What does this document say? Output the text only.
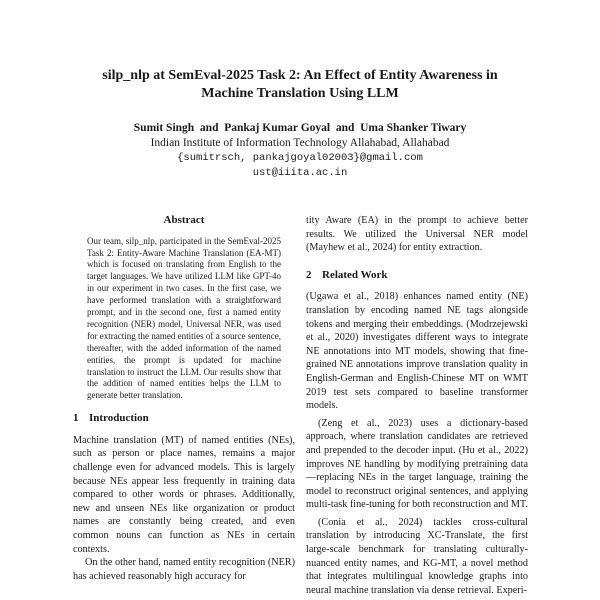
silp_nlp at SemEval-2025 Task 2: An Effect of Entity Awareness in
Machine Translation Using LLM
Sumit Singh  and  Pankaj Kumar Goyal  and  Uma Shanker Tiwary
Indian Institute of Information Technology Allahabad, Allahabad
{sumitrsch, pankajgoyal02003}@gmail.com
ust@iiita.ac.in
Abstract

Our team, silp_nlp, participated in the SemEval-2025 Task 2: Entity-Aware Machine Translation (EA-MT) which is focused on translating from English to the target languages. We have utilized LLM like GPT-4o in our experiment in two cases. In the first case, we have performed translation with a straightforward prompt, and in the second one, first a named entity recognition (NER) model, Universal NER, was used for extracting the named entities of a source sentence, thereafter, with the added information of the named entities, the prompt is updated for machine translation to instruct the LLM. Our results show that the addition of named entities helps the LLM to generate better translation.

1 Introduction

Machine translation (MT) of named entities (NEs), such as person or place names, remains a major challenge even for advanced models. This is largely because NEs appear less frequently in training data compared to other words or phrases. Additionally, new and unseen NEs like organization or product names are constantly being created, and even common nouns can function as NEs in certain contexts.

On the other hand, named entity recognition (NER) has achieved reasonably high accuracy for

tity Aware (EA) in the prompt to achieve better results. We utilized the Universal NER model (Mayhew et al., 2024) for entity extraction.

2 Related Work

(Ugawa et al., 2018) enhances named entity (NE) translation by encoding named NE tags alongside tokens and merging their embeddings. (Modrzejewski et al., 2020) investigates different ways to integrate NE annotations into MT models, showing that fine-grained NE annotations improve translation quality in English-German and English-Chinese MT on WMT 2019 test sets compared to baseline transformer models.

(Zeng et al., 2023) uses a dictionary-based approach, where translation candidates are retrieved and prepended to the decoder input. (Hu et al., 2022) improves NE handling by modifying pretraining data—replacing NEs in the target language, training the model to reconstruct original sentences, and applying multi-task fine-tuning for both reconstruction and MT.

(Conia et al., 2024) tackles cross-cultural translation by introducing XC-Translate, the first large-scale benchmark for translating culturally-nuanced entity names, and KG-MT, a novel method that integrates multilingual knowledge graphs into neural machine translation via dense retrieval. Experi-
